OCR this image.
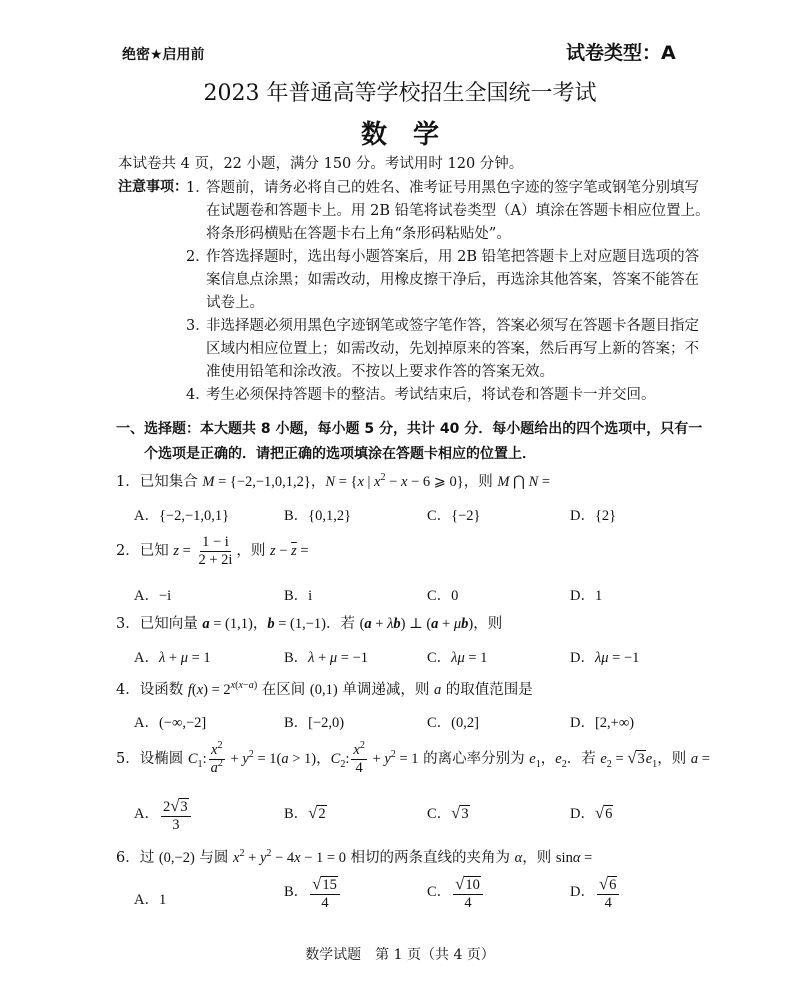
绝密★启用前	试卷类型：A
2023 年普通高等学校招生全国统一考试
数　学
本试卷共 4 页，22 小题，满分 150 分。考试用时 120 分钟。
注意事项：
1．
答题前，请务必将自己的姓名、准考证号用黑色字迹的签字笔或钢笔分别填写
在试题卷和答题卡上。用 2B 铅笔将试卷类型（A）填涂在答题卡相应位置上。
将条形码横贴在答题卡右上角“条形码粘贴处”。
2．
作答选择题时，选出每小题答案后，用 2B 铅笔把答题卡上对应题目选项的答
案信息点涂黑；如需改动，用橡皮擦干净后，再选涂其他答案，答案不能答在
试卷上。
3．
非选择题必须用黑色字迹钢笔或签字笔作答，答案必须写在答题卡各题目指定
区域内相应位置上；如需改动，先划掉原来的答案，然后再写上新的答案；不
准使用铅笔和涂改液。不按以上要求作答的答案无效。
4．
考生必须保持答题卡的整洁。考试结束后，将试卷和答题卡一并交回。
一、选择题：本大题共 8 小题，每小题 5 分，共计 40 分．每小题给出的四个选项中，只有一
个选项是正确的．请把正确的选项填涂在答题卡相应的位置上．
1．已知集合 M = {−2,−1,0,1,2}，N = {x | $x^2 - x - 6$ ⩾ 0}，则 M ⋂ N =
A．{−2,−1,0,1}	B．{0,1,2}	C．{−2}	D．{2}
2．已知 $z = \frac{1 - i}{2 + 2i}$ ，则 $z - \overline{z}$ =
A．−i	B．i	C．0	D．1
3．已知向量 a = (1,1)，b = (1,−1)．若 (a + λb) ⊥ (a + μb)，则
A．λ + μ = 1	B．λ + μ = −1	C．λμ = 1	D．λμ = −1
4．设函数 $f(x) = 2^{x(x-a)}$ 在区间 (0,1) 单调递减，则 a 的取值范围是
A．(−∞,−2]	B．[−2,0)	C．(0,2]	D．[2,+∞)
5．设椭圆 $C_1$: $\frac{x^2}{a^2} + y^2 = 1(a > 1)$，$C_2$: $\frac{x^2}{4} + y^2 = 1$ 的离心率分别为 $e_1$，$e_2$．若 $e_2$ = √ 3 $e_1$，则 a =
A． $\frac{2 √ 3}{3}$	B． √ 2	C． √ 3	D． √ 6
6．过 (0,−2) 与圆 $x^2 + y^2 - 4x - 1 = 0$ 相切的两条直线的夹角为 α，则 sinα =
A．1	B． $\frac{√ 15}{4}$	C． $\frac{√ 10}{4}$	D． $\frac{√ 6}{4}$
数学试题　第 1 页（共 4 页）
